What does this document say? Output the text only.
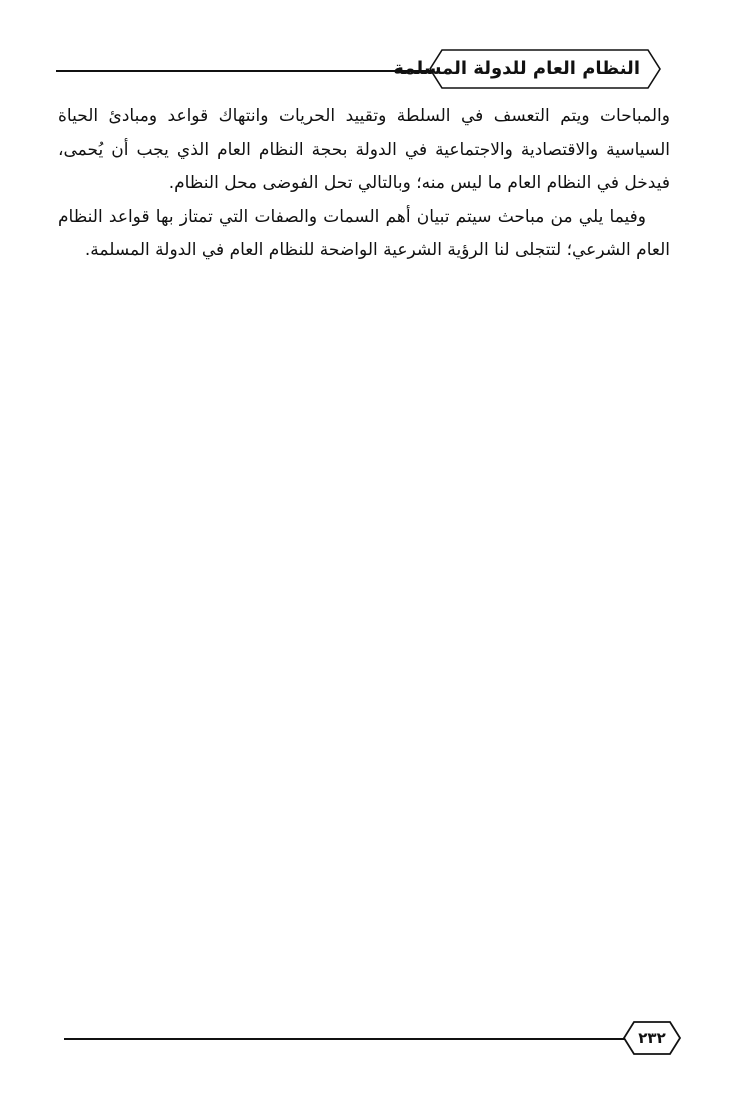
النظام العام للدولة المسلمة

والمباحات ويتم التعسف في السلطة وتقييد الحريات وانتهاك قواعد ومبادئ الحياة السياسية والاقتصادية والاجتماعية في الدولة بحجة النظام العام الذي يجب أن يُحمى، فيدخل في النظام العام ما ليس منه؛ وبالتالي تحل الفوضى محل النظام.

وفيما يلي من مباحث سيتم تبيان أهم السمات والصفات التي تمتاز بها قواعد النظام العام الشرعي؛ لتتجلى لنا الرؤية الشرعية الواضحة للنظام العام في الدولة المسلمة.

٢٣٢
